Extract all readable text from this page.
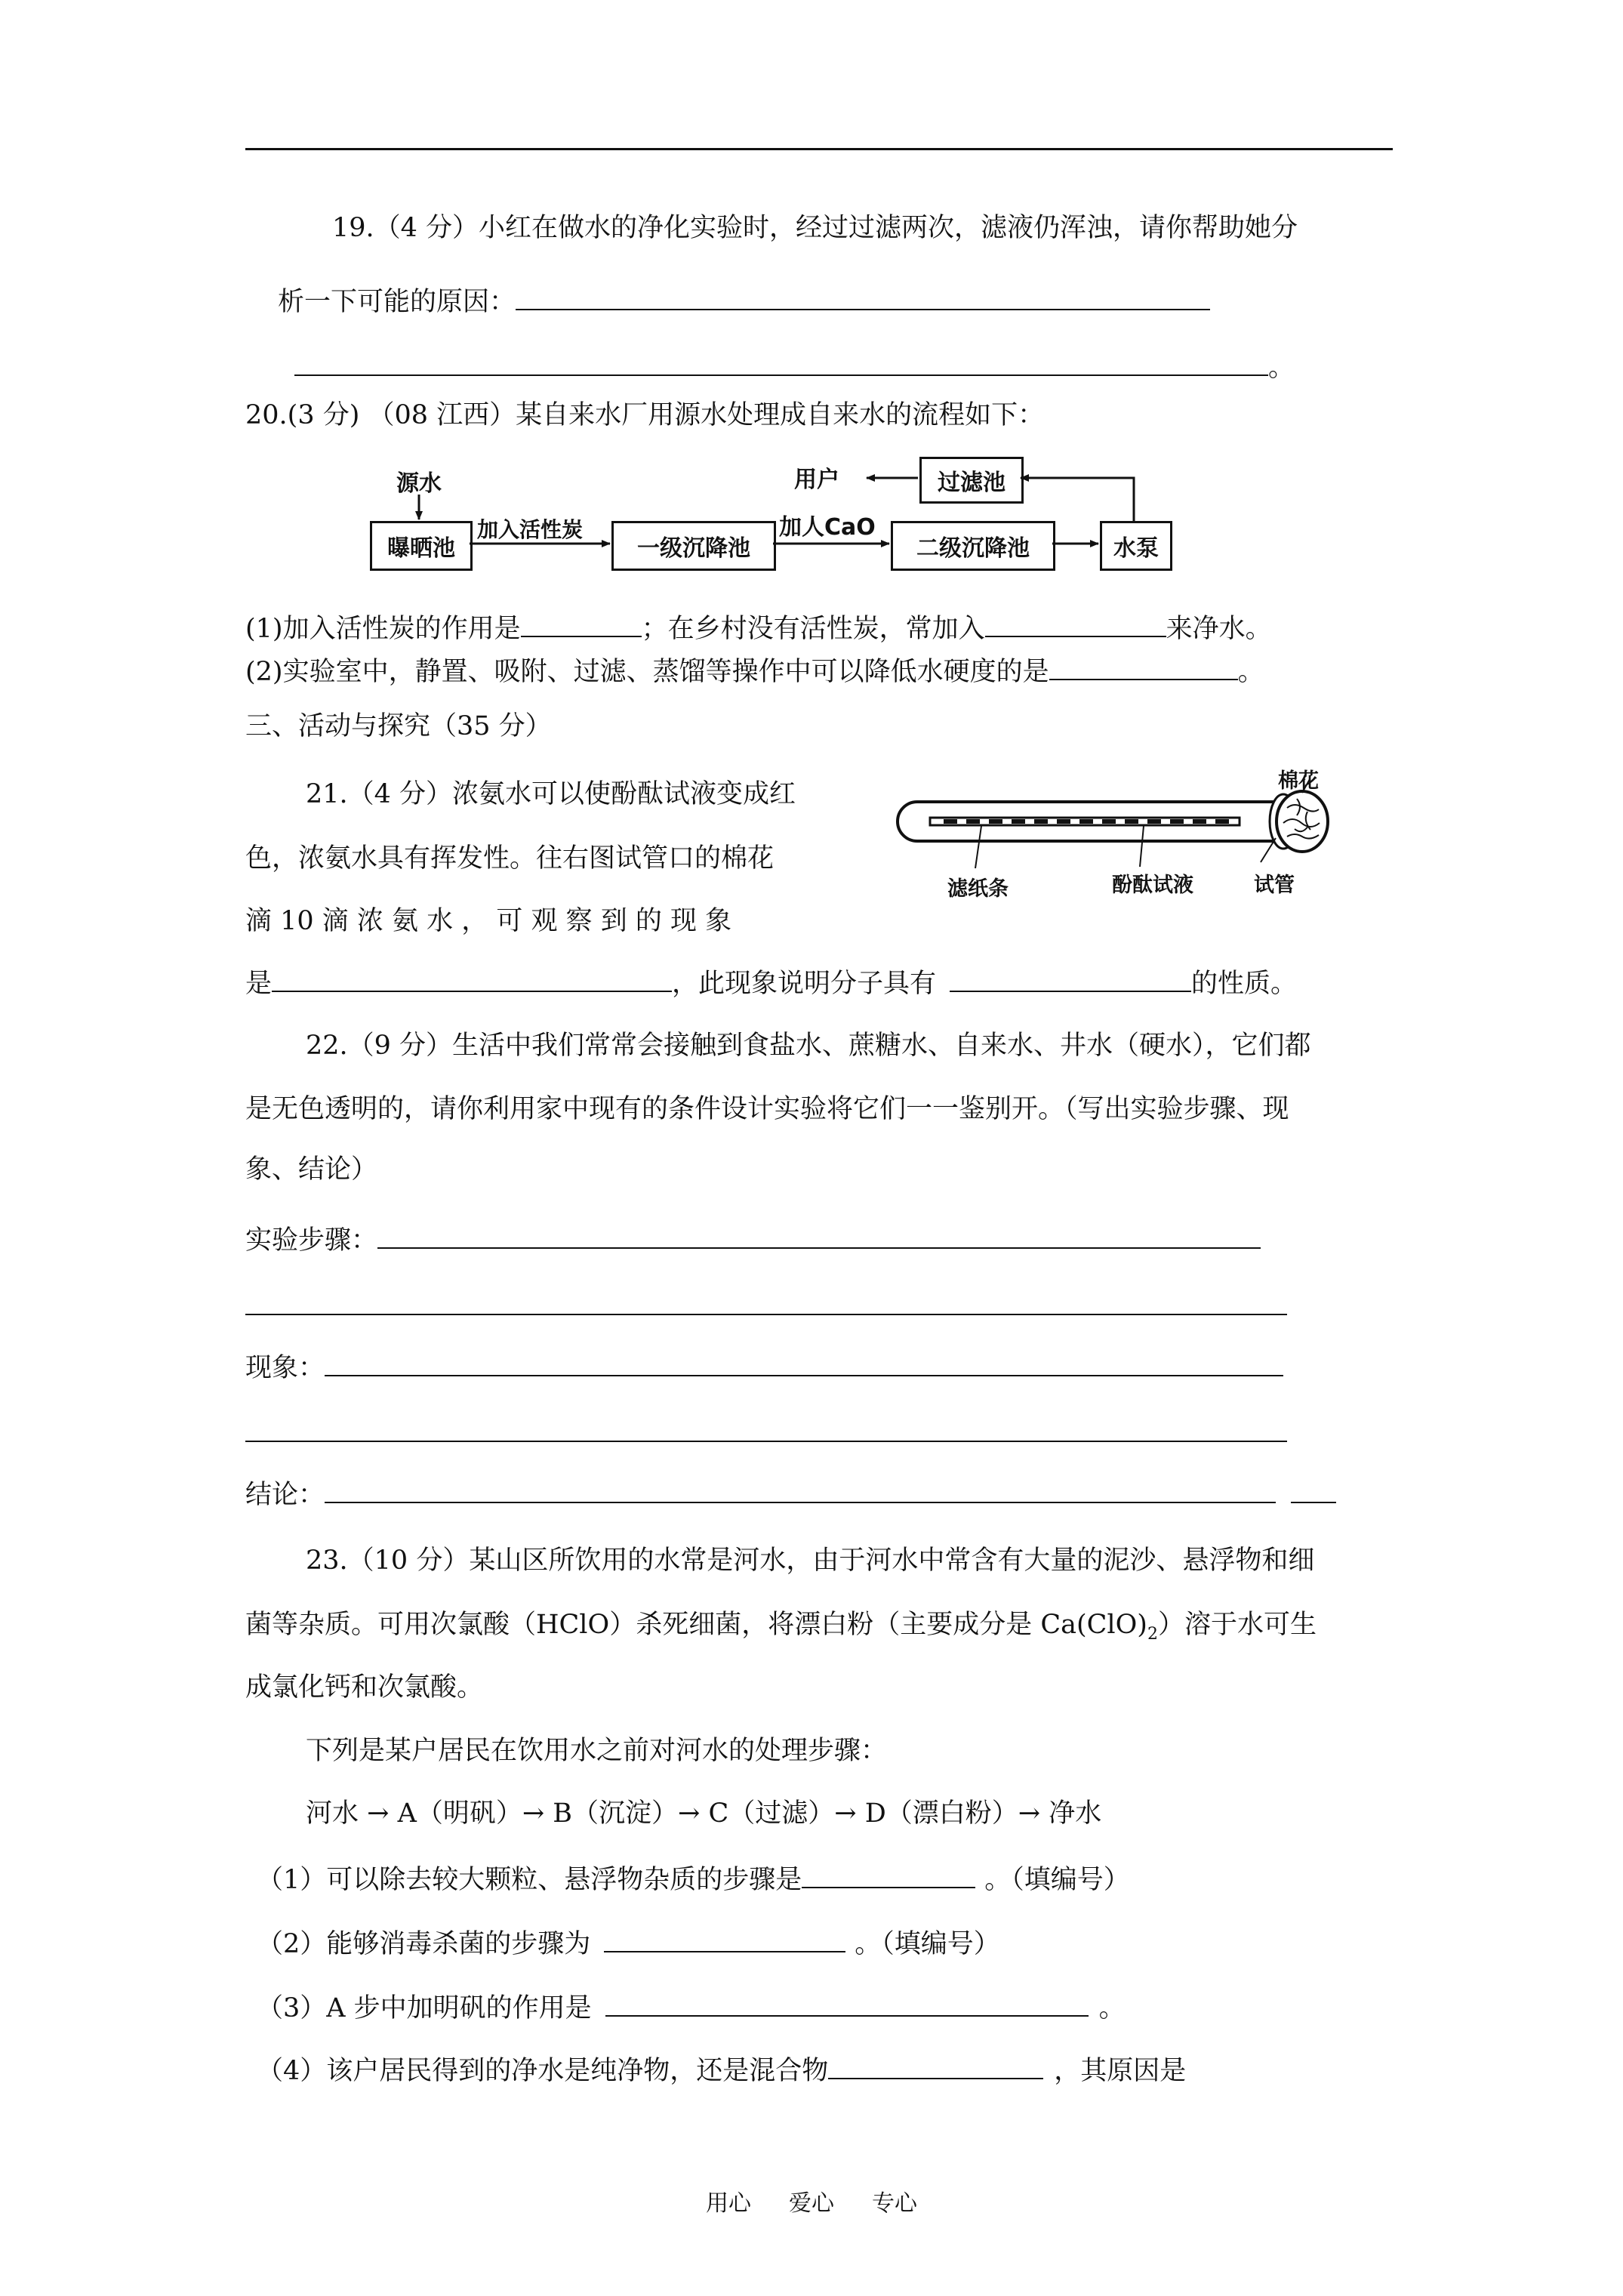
19.（4 分）小红在做水的净化实验时，经过过滤两次，滤液仍浑浊，请你帮助她分
析一下可能的原因：
。
20.(3 分) （08 江西）某自来水厂用源水处理成自来水的流程如下：
源水	用户	过滤池
曝晒池
加入活性炭
一级沉降池
加人CaO
二级沉降池	水泵
(1)加入活性炭的作用是	；在乡村没有活性炭，常加入	来净水。
(2)实验室中，静置、吸附、过滤、蒸馏等操作中可以降低水硬度的是	。
三、活动与探究（35 分）
21.（4 分）浓氨水可以使酚酞试液变成红
色，浓氨水具有挥发性。往右图试管口的棉花
滴 10 滴 浓 氨 水 ， 可 观 察 到 的 现 象
是	，此现象说明分子具有	的性质。
棉花
滤纸条	酚酞试液	试管
22.（9 分）生活中我们常常会接触到食盐水、蔗糖水、自来水、井水（硬水），它们都
是无色透明的，请你利用家中现有的条件设计实验将它们一一鉴别开。（写出实验步骤、现
象、结论）
实验步骤：
现象：
结论：
23.（10 分）某山区所饮用的水常是河水，由于河水中常含有大量的泥沙、悬浮物和细
菌等杂质。可用次氯酸（HClO）杀死细菌，将漂白粉（主要成分是 $Ca(ClO)_2$）溶于水可生
成氯化钙和次氯酸。
下列是某户居民在饮用水之前对河水的处理步骤：
河水 → A（明矾）→ B（沉淀）→ C（过滤）→ D（漂白粉）→ 净水
（1）可以除去较大颗粒、悬浮物杂质的步骤是	。（填编号）
（2）能够消毒杀菌的步骤为	。（填编号）
（3）A 步中加明矾的作用是	。
（4）该户居民得到的净水是纯净物，还是混合物	，其原因是
用心 爱心 专心
